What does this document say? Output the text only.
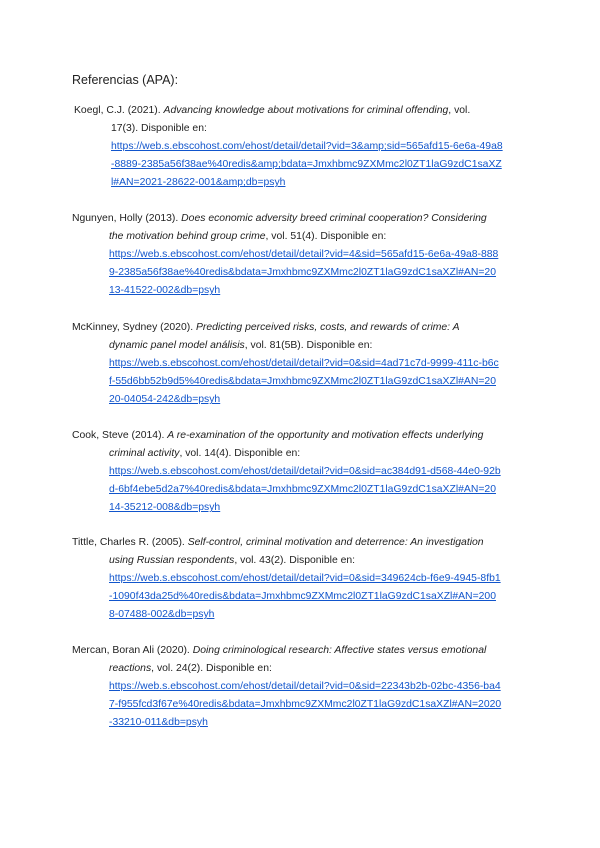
Referencias (APA):
Koegl, C.J. (2021). Advancing knowledge about motivations for criminal offending, vol.
17(3). Disponible en:
https://web.s.ebscohost.com/ehost/detail/detail?vid=3&amp;sid=565afd15-6e6a-49a8
-8889-2385a56f38ae%40redis&amp;bdata=Jmxhbmc9ZXMmc2l0ZT1laG9zdC1saXZ
l#AN=2021-28622-001&amp;db=psyh
Ngunyen, Holly (2013). Does economic adversity breed criminal cooperation? Considering
the motivation behind group crime, vol. 51(4). Disponible en:
https://web.s.ebscohost.com/ehost/detail/detail?vid=4&sid=565afd15-6e6a-49a8-888
9-2385a56f38ae%40redis&bdata=Jmxhbmc9ZXMmc2l0ZT1laG9zdC1saXZl#AN=20
13-41522-002&db=psyh
McKinney, Sydney (2020). Predicting perceived risks, costs, and rewards of crime: A
dynamic panel model análisis, vol. 81(5B). Disponible en:
https://web.s.ebscohost.com/ehost/detail/detail?vid=0&sid=4ad71c7d-9999-411c-b6c
f-55d6bb52b9d5%40redis&bdata=Jmxhbmc9ZXMmc2l0ZT1laG9zdC1saXZl#AN=20
20-04054-242&db=psyh
Cook, Steve (2014). A re-examination of the opportunity and motivation effects underlying
criminal activity, vol. 14(4). Disponible en:
https://web.s.ebscohost.com/ehost/detail/detail?vid=0&sid=ac384d91-d568-44e0-92b
d-6bf4ebe5d2a7%40redis&bdata=Jmxhbmc9ZXMmc2l0ZT1laG9zdC1saXZl#AN=20
14-35212-008&db=psyh
Tittle, Charles R. (2005). Self-control, criminal motivation and deterrence: An investigation
using Russian respondents, vol. 43(2). Disponible en:
https://web.s.ebscohost.com/ehost/detail/detail?vid=0&sid=349624cb-f6e9-4945-8fb1
-1090f43da25d%40redis&bdata=Jmxhbmc9ZXMmc2l0ZT1laG9zdC1saXZl#AN=200
8-07488-002&db=psyh
Mercan, Boran Ali (2020). Doing criminological research: Affective states versus emotional
reactions, vol. 24(2). Disponible en:
https://web.s.ebscohost.com/ehost/detail/detail?vid=0&sid=22343b2b-02bc-4356-ba4
7-f955fcd3f67e%40redis&bdata=Jmxhbmc9ZXMmc2l0ZT1laG9zdC1saXZl#AN=2020
-33210-011&db=psyh
